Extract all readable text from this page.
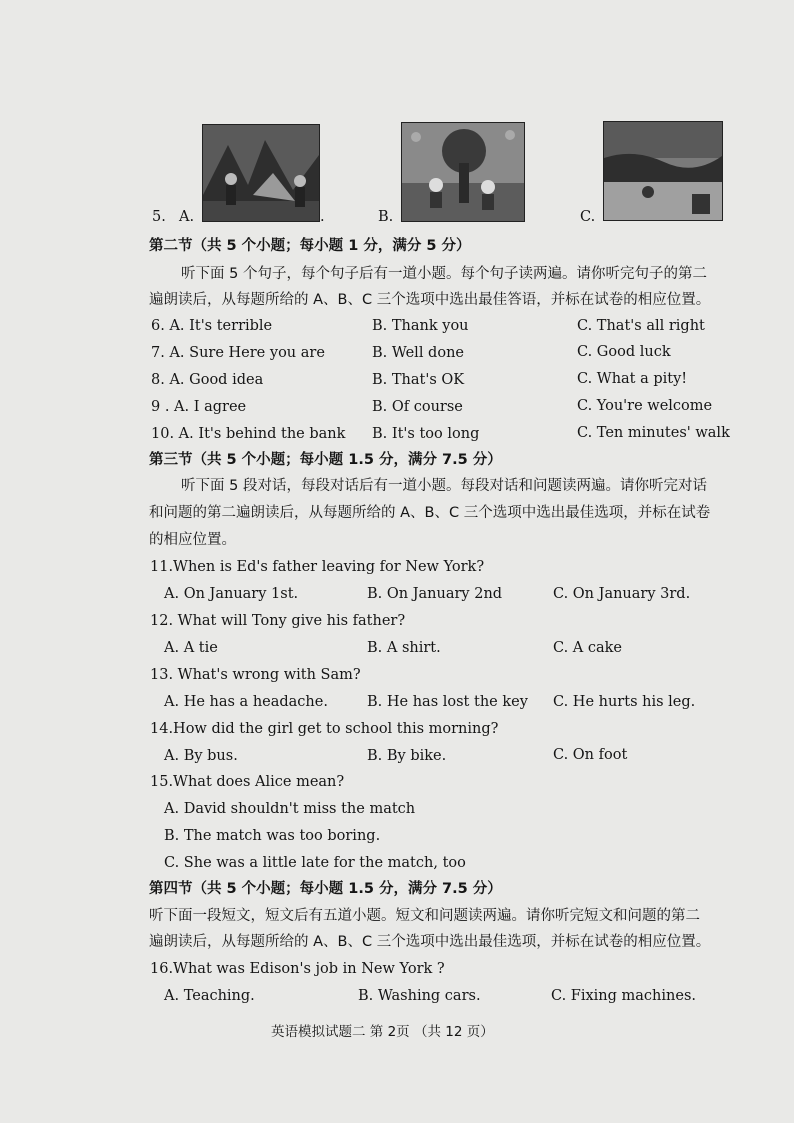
5. A.	.	B.	C.
第二节（共 5 个小题；每小题 1 分，满分 5 分）
听下面 5 个句子，每个句子后有一道小题。每个句子读两遍。请你听完句子的第二
遍朗读后，从每题所给的 A、B、C 三个选项中选出最佳答语，并标在试卷的相应位置。
6. A. It's terrible	B. Thank you	C. That's all right
7. A. Sure Here you are	B. Well done	C. Good luck
8. A. Good idea	B. That's OK	C. What a pity!
9 . A. I agree	B. Of course	C. You're welcome
10. A. It's behind the bank B. It's too long	C. Ten minutes' walk
第三节（共 5 个小题；每小题 1.5 分，满分 7.5 分）
听下面 5 段对话，每段对话后有一道小题。每段对话和问题读两遍。请你听完对话
和问题的第二遍朗读后，从每题所给的 A、B、C 三个选项中选出最佳选项，并标在试卷
的相应位置。
11.When is Ed's father leaving for New York?
A. On January 1st.	B. On January 2nd	C. On January 3rd.
12. What will Tony give his father?
A. A tie	B. A shirt.	C. A cake
13. What's wrong with Sam?
A. He has a headache.	B. He has lost the key C. He hurts his leg.
14.How did the girl get to school this morning?
A. By bus.	B. By bike.	C. On foot
15.What does Alice mean?
A. David shouldn't miss the match
B. The match was too boring.
C. She was a little late for the match, too
第四节（共 5 个小题；每小题 1.5 分，满分 7.5 分）
听下面一段短文，短文后有五道小题。短文和问题读两遍。请你听完短文和问题的第二
遍朗读后，从每题所给的 A、B、C 三个选项中选出最佳选项，并标在试卷的相应位置。
16.What was Edison's job in New York ?
A. Teaching.	B. Washing cars.	C. Fixing machines.
英语模拟试题二 第 2页 （共 12 页）
